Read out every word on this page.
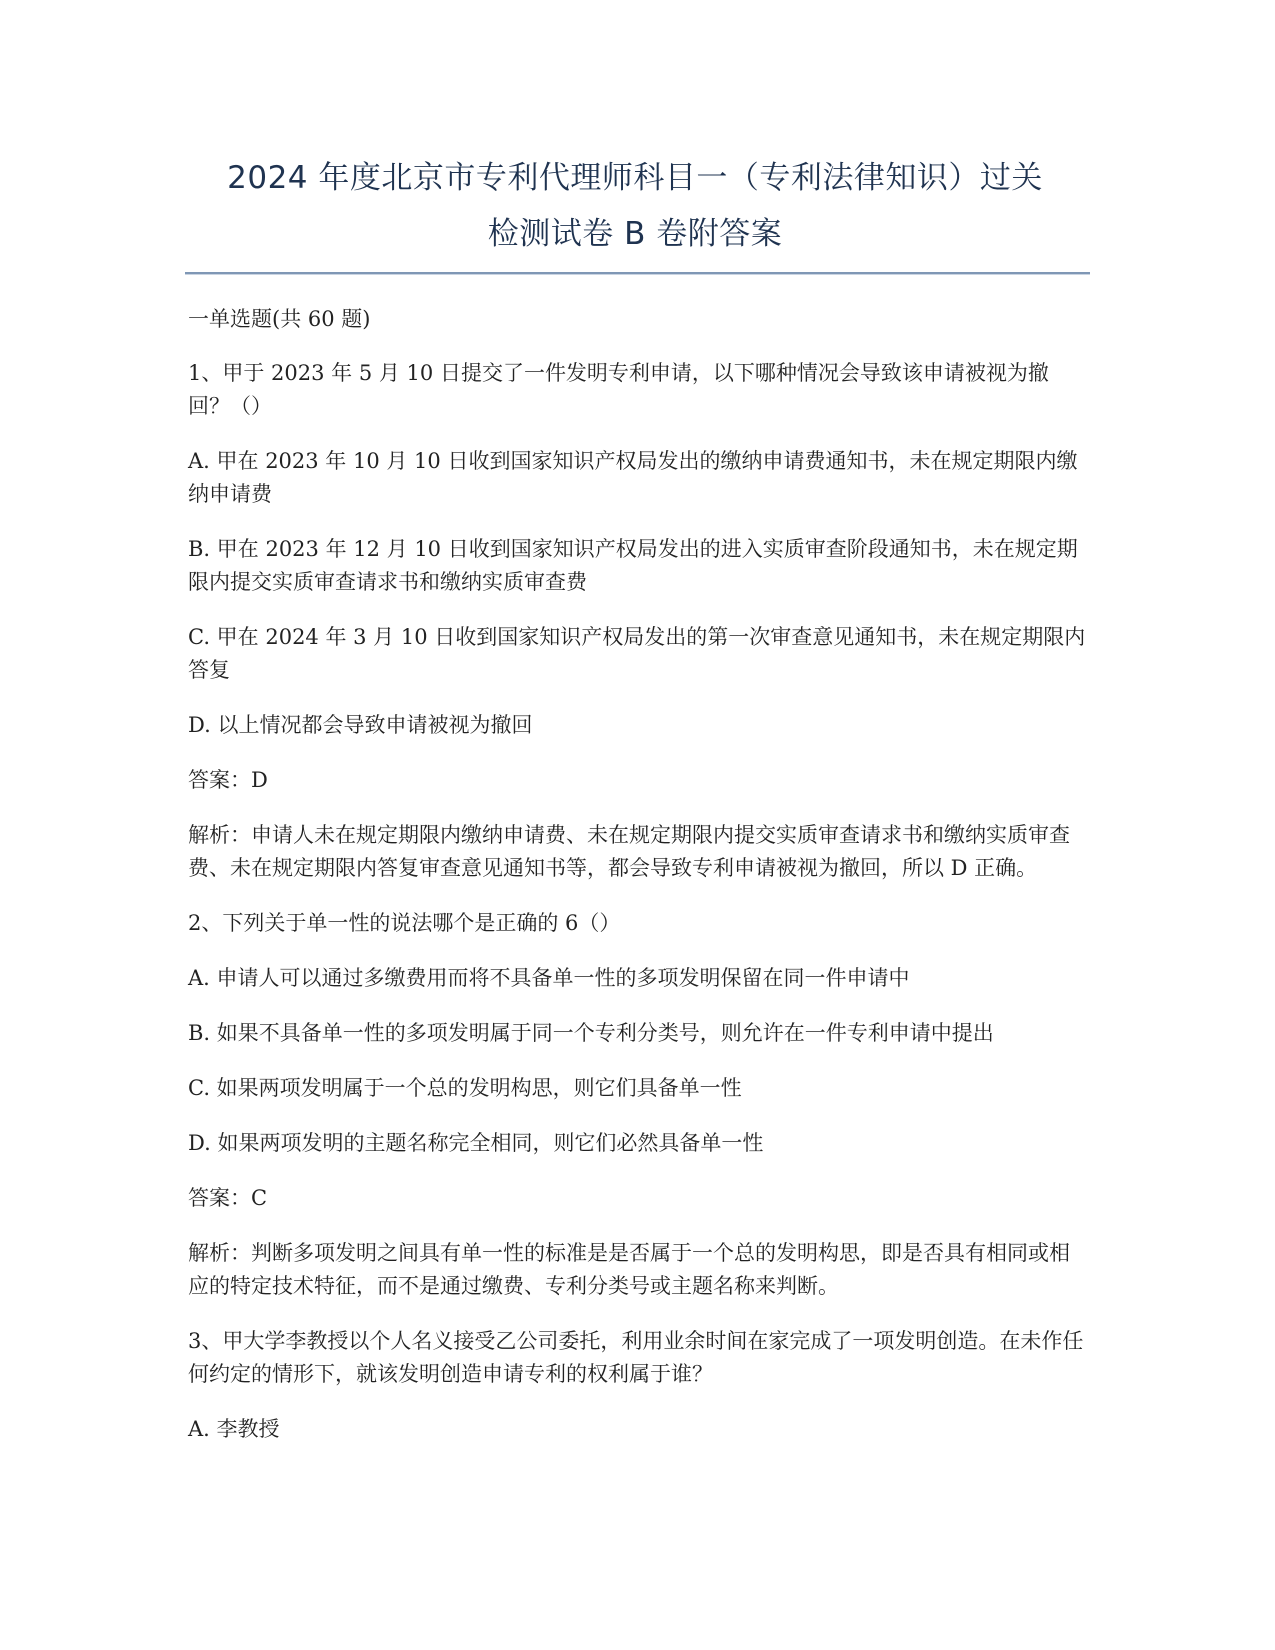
2024 年度北京市专利代理师科目一（专利法律知识）过关
检测试卷 B 卷附答案
一单选题(共 60 题)

1、甲于 2023 年 5 月 10 日提交了一件发明专利申请，以下哪种情况会导致该申请被视为撤回？（）

A. 甲在 2023 年 10 月 10 日收到国家知识产权局发出的缴纳申请费通知书，未在规定期限内缴纳申请费

B. 甲在 2023 年 12 月 10 日收到国家知识产权局发出的进入实质审查阶段通知书，未在规定期限内提交实质审查请求书和缴纳实质审查费

C. 甲在 2024 年 3 月 10 日收到国家知识产权局发出的第一次审查意见通知书，未在规定期限内答复

D. 以上情况都会导致申请被视为撤回

答案：D

解析：申请人未在规定期限内缴纳申请费、未在规定期限内提交实质审查请求书和缴纳实质审查费、未在规定期限内答复审查意见通知书等，都会导致专利申请被视为撤回，所以 D 正确。

2、下列关于单一性的说法哪个是正确的 6（）

A. 申请人可以通过多缴费用而将不具备单一性的多项发明保留在同一件申请中

B. 如果不具备单一性的多项发明属于同一个专利分类号，则允许在一件专利申请中提出

C. 如果两项发明属于一个总的发明构思，则它们具备单一性

D. 如果两项发明的主题名称完全相同，则它们必然具备单一性

答案：C

解析：判断多项发明之间具有单一性的标准是是否属于一个总的发明构思，即是否具有相同或相应的特定技术特征，而不是通过缴费、专利分类号或主题名称来判断。

3、甲大学李教授以个人名义接受乙公司委托，利用业余时间在家完成了一项发明创造。在未作任何约定的情形下，就该发明创造申请专利的权利属于谁？

A. 李教授
